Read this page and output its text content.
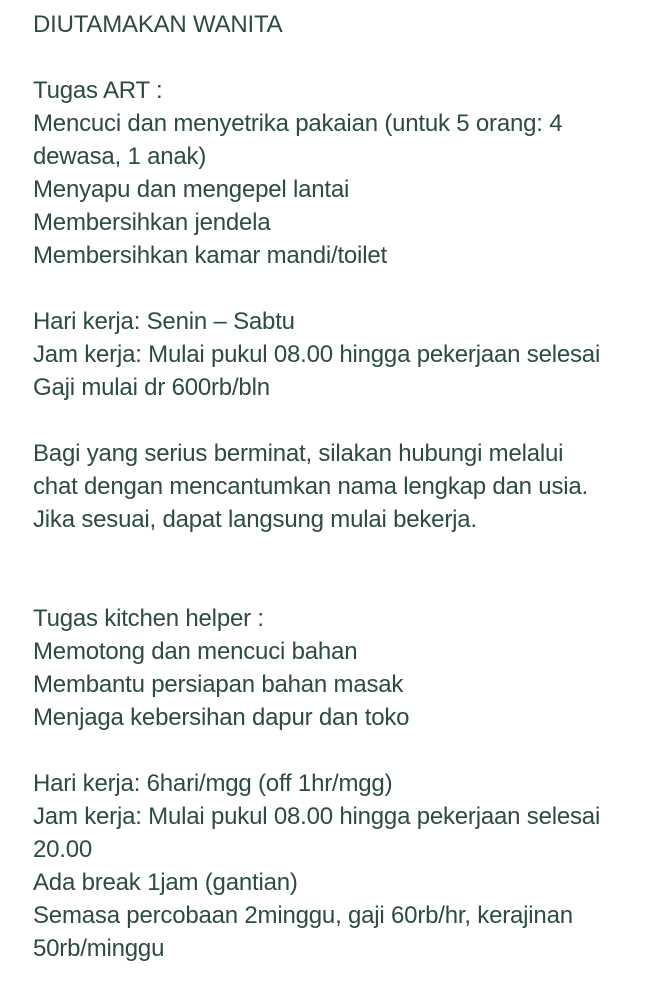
DIUTAMAKAN WANITA
Tugas ART :
Mencuci dan menyetrika pakaian (untuk 5 orang: 4
dewasa, 1 anak)
Menyapu dan mengepel lantai
Membersihkan jendela
Membersihkan kamar mandi/toilet
Hari kerja: Senin – Sabtu
Jam kerja: Mulai pukul 08.00 hingga pekerjaan selesai
Gaji mulai dr 600rb/bln
Bagi yang serius berminat, silakan hubungi melalui
chat dengan mencantumkan nama lengkap dan usia.
Jika sesuai, dapat langsung mulai bekerja.
Tugas kitchen helper :
Memotong dan mencuci bahan
Membantu persiapan bahan masak
Menjaga kebersihan dapur dan toko
Hari kerja: 6hari/mgg (off 1hr/mgg)
Jam kerja: Mulai pukul 08.00 hingga pekerjaan selesai
20.00
Ada break 1jam (gantian)
Semasa percobaan 2minggu, gaji 60rb/hr, kerajinan
50rb/minggu
